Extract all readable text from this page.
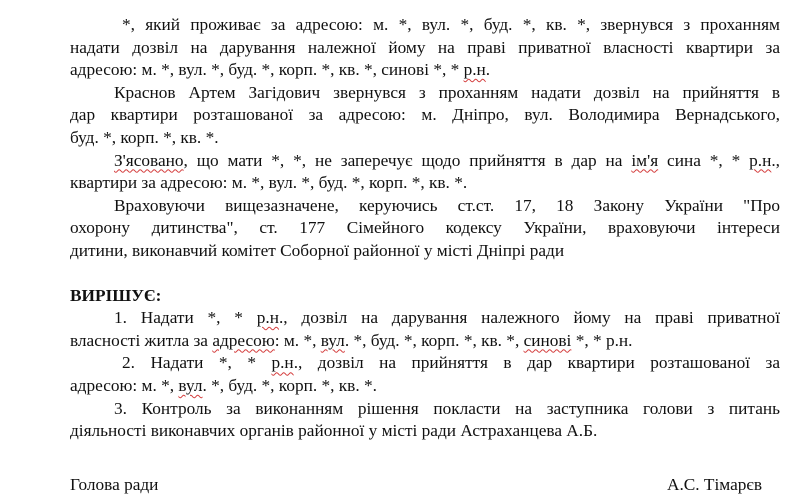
*, який проживає за адресою: м. *, вул. *, буд. *, кв. *, звернувся з проханням

надати дозвіл на дарування належної йому на праві приватної власності квартири за

адресою: м. *, вул. *, буд. *, корп. *, кв. *, синові *, * р.н.

Краснов Артем Загідович звернувся з проханням надати дозвіл на прийняття в

дар квартири розташованої за адресою: м. Дніпро, вул. Володимира Вернадського,

буд. *, корп. *, кв. *.

З'ясовано, що мати *, *, не заперечує щодо прийняття в дар на ім'я сина *, * р.н.,

квартири за адресою: м. *, вул. *, буд. *, корп. *, кв. *.

Враховуючи вищезазначене, керуючись ст.ст. 17, 18 Закону України "Про

охорону дитинства", ст. 177 Сімейного кодексу України, враховуючи інтереси

дитини, виконавчий комітет Соборної районної у місті Дніпрі ради

ВИРІШУЄ:

1. Надати *, * р.н., дозвіл на дарування належного йому на праві приватної

власності житла за адресою: м. *, вул. *, буд. *, корп. *, кв. *, синові *, * р.н.

2. Надати *, * р.н., дозвіл на прийняття в дар квартири розташованої за

адресою: м. *, вул. *, буд. *, корп. *, кв. *.

3. Контроль за виконанням рішення покласти на заступника голови з питань

діяльності виконавчих органів районної у місті ради Астраханцева А.Б.

Голова ради	А.С. Тімарєв
